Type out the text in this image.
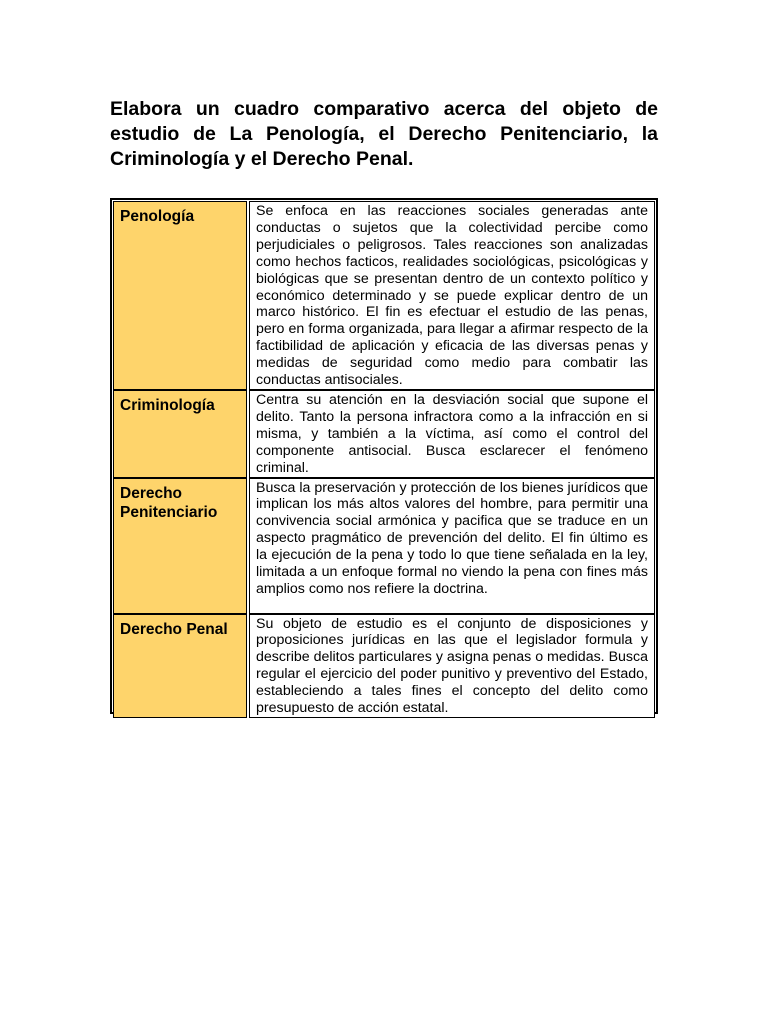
Elabora un cuadro comparativo acerca del objeto de estudio de La Penología, el Derecho Penitenciario, la Criminología y el Derecho Penal.
Penología		Se enfoca en las reacciones sociales generadas ante conductas o sujetos que la colectividad percibe como perjudiciales o peligrosos. Tales reacciones son analizadas como hechos facticos, realidades sociológicas, psicológicas y biológicas que se presentan dentro de un contexto político y económico determinado y se puede explicar dentro de un marco histórico. El fin es efectuar el estudio de las penas, pero en forma organizada, para llegar a afirmar respecto de la factibilidad de aplicación y eficacia de las diversas penas y medidas de seguridad como medio para combatir las conductas antisociales.
Criminología		Centra su atención en la desviación social que supone el delito. Tanto la persona infractora como a la infracción en si misma, y también a la víctima, así como el control del componente antisocial. Busca esclarecer el fenómeno criminal.
Derecho Penitenciario		Busca la preservación y protección de los bienes jurídicos que implican los más altos valores del hombre, para permitir una convivencia social armónica y pacifica que se traduce en un aspecto pragmático de prevención del delito. El fin último es la ejecución de la pena y todo lo que tiene señalada en la ley, limitada a un enfoque formal no viendo la pena con fines más amplios como nos refiere la doctrina.
Derecho Penal		Su objeto de estudio es el conjunto de disposiciones y proposiciones jurídicas en las que el legislador formula y describe delitos particulares y asigna penas o medidas. Busca regular el ejercicio del poder punitivo y preventivo del Estado, estableciendo a tales fines el concepto del delito como presupuesto de acción estatal.
